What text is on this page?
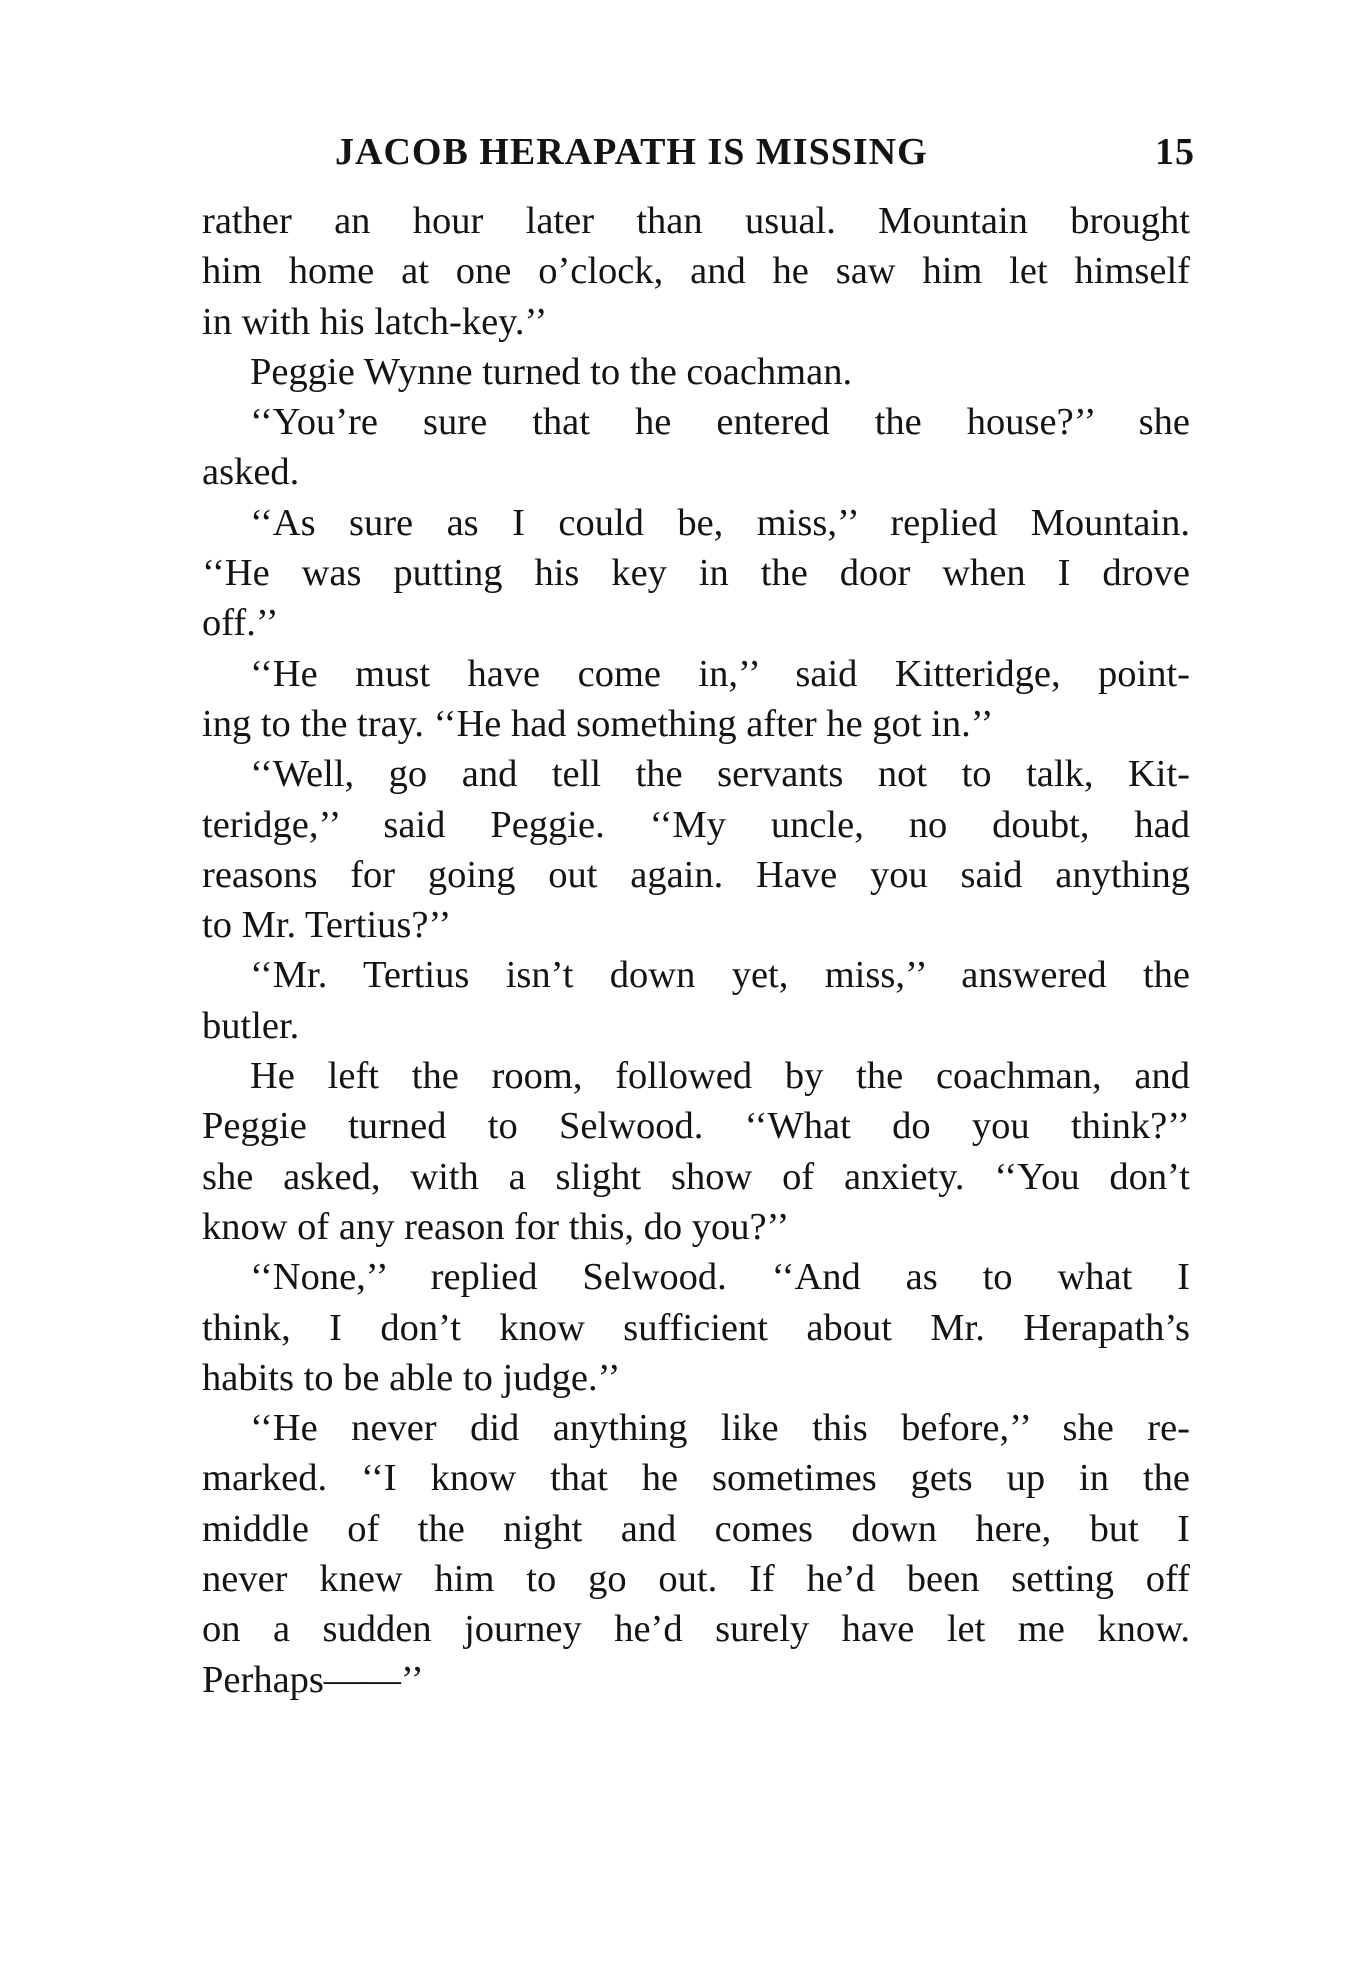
JACOB HERAPATH IS MISSING	15
rather an hour later than usual. Mountain brought
him home at one o’clock, and he saw him let himself
in with his latch-key.’’
Peggie Wynne turned to the coachman.
‘‘You’re sure that he entered the house?’’ she
asked.
‘‘As sure as I could be, miss,’’ replied Mountain.
‘‘He was putting his key in the door when I drove
off.’’
‘‘He must have come in,’’ said Kitteridge, point-
ing to the tray. ‘‘He had something after he got in.’’
‘‘Well, go and tell the servants not to talk, Kit-
teridge,’’ said Peggie. ‘‘My uncle, no doubt, had
reasons for going out again. Have you said anything
to Mr. Tertius?’’
‘‘Mr. Tertius isn’t down yet, miss,’’ answered the
butler.
He left the room, followed by the coachman, and
Peggie turned to Selwood. ‘‘What do you think?’’
she asked, with a slight show of anxiety. ‘‘You don’t
know of any reason for this, do you?’’
‘‘None,’’ replied Selwood. ‘‘And as to what I
think, I don’t know sufficient about Mr. Herapath’s
habits to be able to judge.’’
‘‘He never did anything like this before,’’ she re-
marked. ‘‘I know that he sometimes gets up in the
middle of the night and comes down here, but I
never knew him to go out. If he’d been setting off
on a sudden journey he’d surely have let me know.
Perhaps——’’
